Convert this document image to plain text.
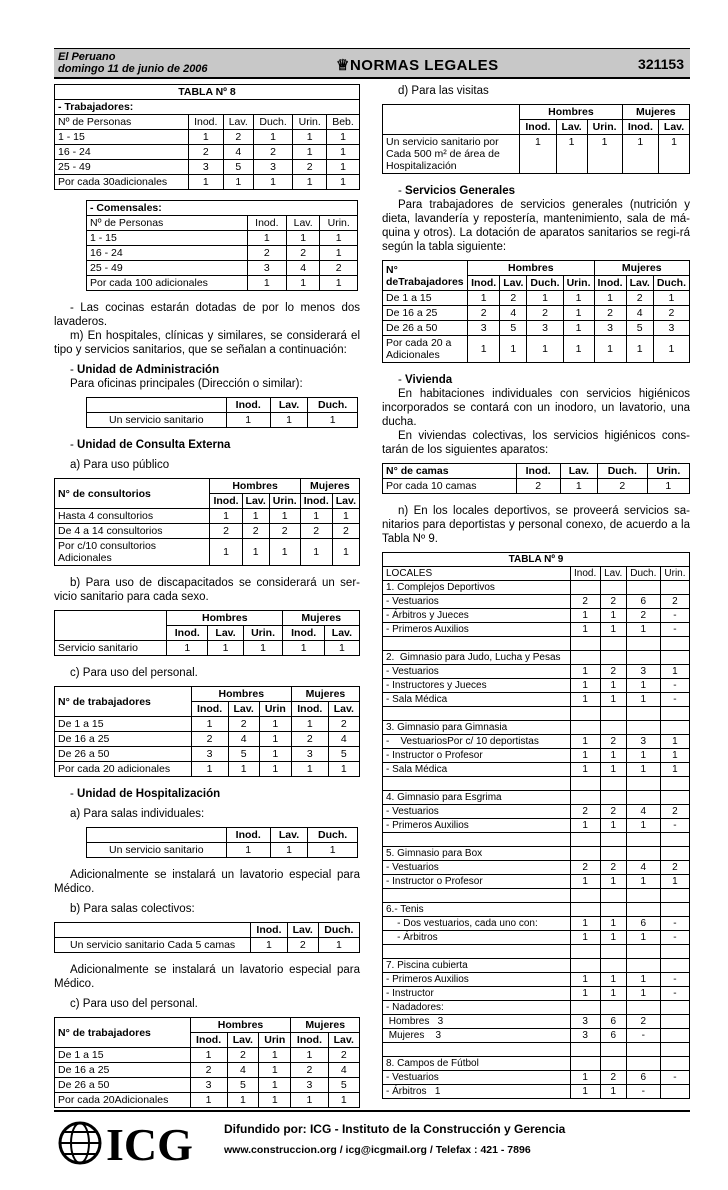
El Peruano
domingo 11 de junio de 2006	♕NORMAS LEGALES	321153
TABLA Nº 8					
- Trabajadores:					
Nº de Personas	Inod.	Lav.	Duch.	Urin.	Beb.
1 - 15	1	2	1	1	1
16 - 24	2	4	2	1	1
25 - 49	3	5	3	2	1
Por cada 30adicionales	1	1	1	1	1
- Comensales:			
Nº de Personas	Inod.	Lav.	Urin.
1 - 15	1	1	1
16 - 24	2	2	1
25 - 49	3	4	2
Por cada 100 adicionales	1	1	1

- Las cocinas estarán dotadas de por lo menos dos lavaderos.

m) En hospitales, clínicas y similares, se considerará el tipo y servicios sanitarios, que se señalan a continuación:

- Unidad de Administración

Para oficinas principales (Dirección o similar):

	Inod.	Lav.	Duch.
Un servicio sanitario	1	1	1

- Unidad de Consulta Externa

a) Para uso público

N° de consultorios	Hombres			Mujeres	
	Inod.	Lav.	Urin.	Inod.	Lav.
Hasta 4 consultorios	1	1	1	1	1
De 4 a 14 consultorios	2	2	2	2	2
Por c/10 consultorios Adicionales	1	1	1	1	1

b) Para uso de discapacitados se considerará un ser-vicio sanitario para cada sexo.

	Hombres			Mujeres	
	Inod.	Lav.	Urin.	Inod.	Lav.
Servicio sanitario	1	1	1	1	1

c) Para uso del personal.

N° de trabajadores	Hombres			Mujeres	
	Inod.	Lav.	Urin	Inod.	Lav.
De 1 a 15	1	2	1	1	2
De 16 a 25	2	4	1	2	4
De 26 a 50	3	5	1	3	5
Por cada 20 adicionales	1	1	1	1	1

- Unidad de Hospitalización

a) Para salas individuales:

	Inod.	Lav.	Duch.
Un servicio sanitario	1	1	1

Adicionalmente se instalará un lavatorio especial para Médico.

b) Para salas colectivos:

	Inod.	Lav.	Duch.
Un servicio sanitario Cada 5 camas	1	2	1

Adicionalmente se instalará un lavatorio especial para Médico.

c) Para uso del personal.

N° de trabajadores	Hombres			Mujeres	
	Inod.	Lav.	Urin	Inod.	Lav.
De 1 a 15	1	2	1	1	2
De 16 a 25	2	4	1	2	4
De 26 a 50	3	5	1	3	5
Por cada 20Adicionales	1	1	1	1	1

d) Para las visitas

	Hombres			Mujeres	
	Inod.	Lav.	Urin.	Inod.	Lav.

Un servicio sanitario por
Cada 500 m² de área de
Hospitalización	1	1	1	1	1

- Servicios Generales

Para trabajadores de servicios generales (nutrición y dieta, lavandería y repostería, mantenimiento, sala de má-quina y otros). La dotación de aparatos sanitarios se regi-rá según la tabla siguiente:

N° deTrabajadores	Hombres				Mujeres		
	Inod.	Lav.	Duch.	Urin.	Inod.	Lav.	Duch.
De 1 a 15	1	2	1	1	1	2	1
De 16 a 25	2	4	2	1	2	4	2
De 26 a 50	3	5	3	1	3	5	3
Por cada 20 a Adicionales	1	1	1	1	1	1	1

- Vivienda

En habitaciones individuales con servicios higiénicos incorporados se contará con un inodoro, un lavatorio, una ducha.

En viviendas colectivas, los servicios higiénicos cons-tarán de los siguientes aparatos:

N° de camas	Inod.	Lav.	Duch.	Urin.
Por cada 10 camas	2	1	2	1

n) En los locales deportivos, se proveerá servicios sa-nitarios para deportistas y personal conexo, de acuerdo a la Tabla Nº 9.

TABLA Nº 9				
LOCALES	Inod.	Lav.	Duch.	Urin.
1. Complejos Deportivos				
- Vestuarios	2	2	6	2
- Árbitros y Jueces	1	1	2	-
- Primeros Auxilios	1	1	1	-

2.  Gimnasio para Judo, Lucha y Pesas				
- Vestuarios	1	2	3	1
- Instructores y Jueces	1	1	1	-
- Sala Médica	1	1	1	-

3. Gimnasio para Gimnasia				
-    VestuariosPor c/ 10 deportistas	1	2	3	1
- Instructor o Profesor	1	1	1	1
- Sala Médica	1	1	1	1

4. Gimnasio para Esgrima				
- Vestuarios	2	2	4	2
- Primeros Auxilios	1	1	1	-

5. Gimnasio para Box				
- Vestuarios	2	2	4	2
- Instructor o Profesor	1	1	1	1

6.- Tenis				
- Dos vestuarios, cada uno con:	1	1	6	-
- Árbitros	1	1	1	-

7. Piscina cubierta				
- Primeros Auxilios	1	1	1	-
- Instructor	1	1	1	-
- Nadadores:				
Hombres   3	3	6	2	
Mujeres    3	3	6	-	

8. Campos de Fútbol				
- Vestuarios	1	2	6	-
- Árbitros   1	1	1	-	
ICG	Difundido por: ICG - Instituto de la Construcción y Gerencia
www.construccion.org / icg@icgmail.org / Telefax : 421 - 7896
